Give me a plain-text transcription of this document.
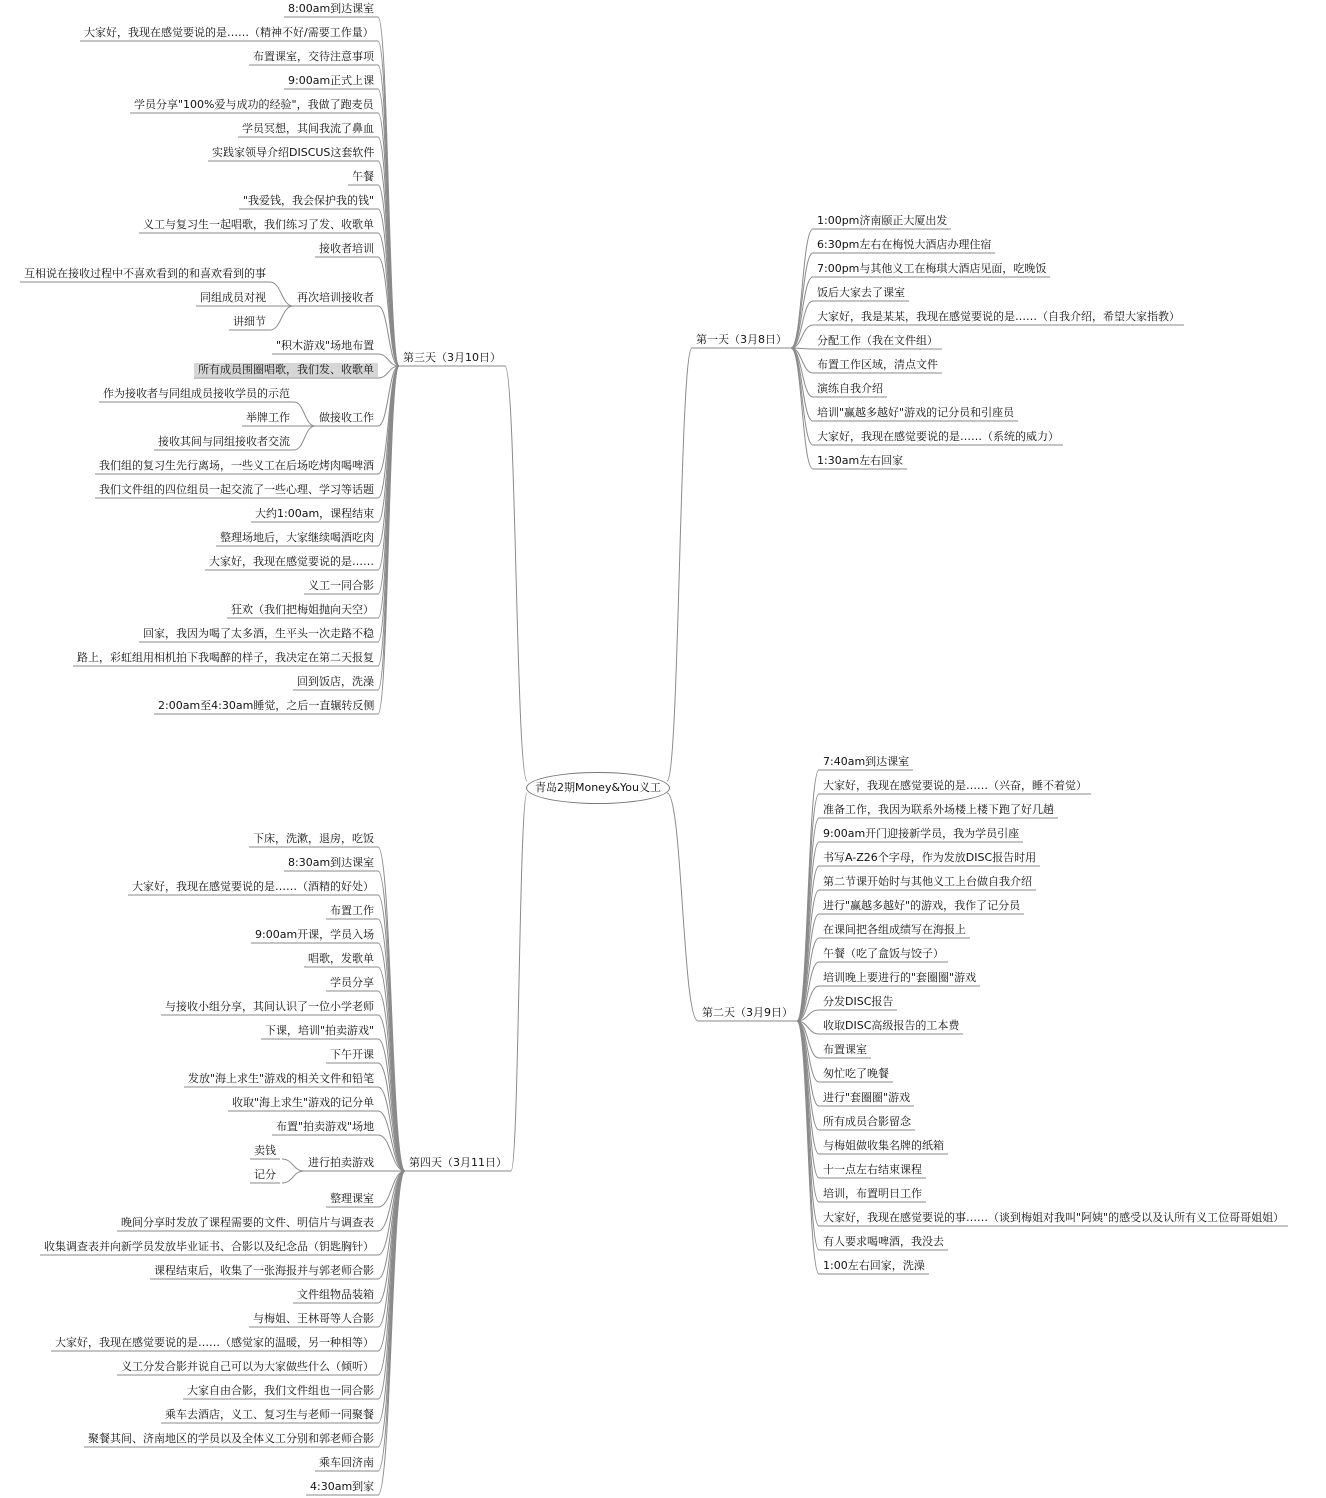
青岛2期Money&You义工
第一天（3月8日）
1:00pm济南颐正大厦出发
6:30pm左右在梅悦大酒店办理住宿
7:00pm与其他义工在梅琪大酒店见面，吃晚饭
饭后大家去了课室
大家好，我是某某，我现在感觉要说的是……（自我介绍，希望大家指教）
分配工作（我在文件组）
布置工作区域，清点文件
演练自我介绍
培训"赢越多越好"游戏的记分员和引座员
大家好，我现在感觉要说的是……（系统的威力）
1:30am左右回家
第二天（3月9日）
7:40am到达课室
大家好，我现在感觉要说的是……（兴奋，睡不着觉）
准备工作，我因为联系外场楼上楼下跑了好几趟
9:00am开门迎接新学员，我为学员引座
书写A-Z26个字母，作为发放DISC报告时用
第二节课开始时与其他义工上台做自我介绍
进行"赢越多越好"的游戏，我作了记分员
在课间把各组成绩写在海报上
午餐（吃了盒饭与饺子）
培训晚上要进行的"套圈圈"游戏
分发DISC报告
收取DISC高级报告的工本费
布置课室
匆忙吃了晚餐
进行"套圈圈"游戏
所有成员合影留念
与梅姐做收集名牌的纸箱
十一点左右结束课程
培训，布置明日工作
大家好，我现在感觉要说的事……（谈到梅姐对我叫"阿姨"的感受以及认所有义工位哥哥姐姐）
有人要求喝啤酒，我没去
1:00左右回家，洗澡
第三天（3月10日）
8:00am到达课室
大家好，我现在感觉要说的是……（精神不好/需要工作量）
布置课室，交待注意事项
9:00am正式上课
学员分享"100%爱与成功的经验"，我做了跑麦员
学员冥想，其间我流了鼻血
实践家领导介绍DISCUS这套软件
午餐
"我爱钱，我会保护我的钱"
义工与复习生一起唱歌，我们练习了发、收歌单
接收者培训
再次培训接收者
互相说在接收过程中不喜欢看到的和喜欢看到的事
同组成员对视
讲细节
"积木游戏"场地布置
所有成员围圈唱歌，我们发、收歌单
做接收工作
作为接收者与同组成员接收学员的示范
举牌工作
接收其间与同组接收者交流
我们组的复习生先行离场，一些义工在后场吃烤肉喝啤酒
我们文件组的四位组员一起交流了一些心理、学习等话题
大约1:00am，课程结束
整理场地后，大家继续喝酒吃肉
大家好，我现在感觉要说的是……
义工一同合影
狂欢（我们把梅姐抛向天空）
回家，我因为喝了太多酒，生平头一次走路不稳
路上，彩虹组用相机拍下我喝醉的样子，我决定在第二天报复
回到饭店，洗澡
2:00am至4:30am睡觉，之后一直辗转反侧
第四天（3月11日）
下床，洗漱，退房，吃饭
8:30am到达课室
大家好，我现在感觉要说的是……（酒精的好处）
布置工作
9:00am开课，学员入场
唱歌，发歌单
学员分享
与接收小组分享，其间认识了一位小学老师
下课，培训"拍卖游戏"
下午开课
发放"海上求生"游戏的相关文件和铅笔
收取"海上求生"游戏的记分单
布置"拍卖游戏"场地
进行拍卖游戏
卖钱
记分
整理课室
晚间分享时发放了课程需要的文件、明信片与调查表
收集调查表并向新学员发放毕业证书、合影以及纪念品（钥匙胸针）
课程结束后，收集了一张海报并与郭老师合影
文件组物品装箱
与梅姐、王林哥等人合影
大家好，我现在感觉要说的是……（感觉家的温暖，另一种相等）
义工分发合影并说自己可以为大家做些什么（倾听）
大家自由合影，我们文件组也一同合影
乘车去酒店，义工、复习生与老师一同聚餐
聚餐其间、济南地区的学员以及全体义工分别和郭老师合影
乘车回济南
4:30am到家
